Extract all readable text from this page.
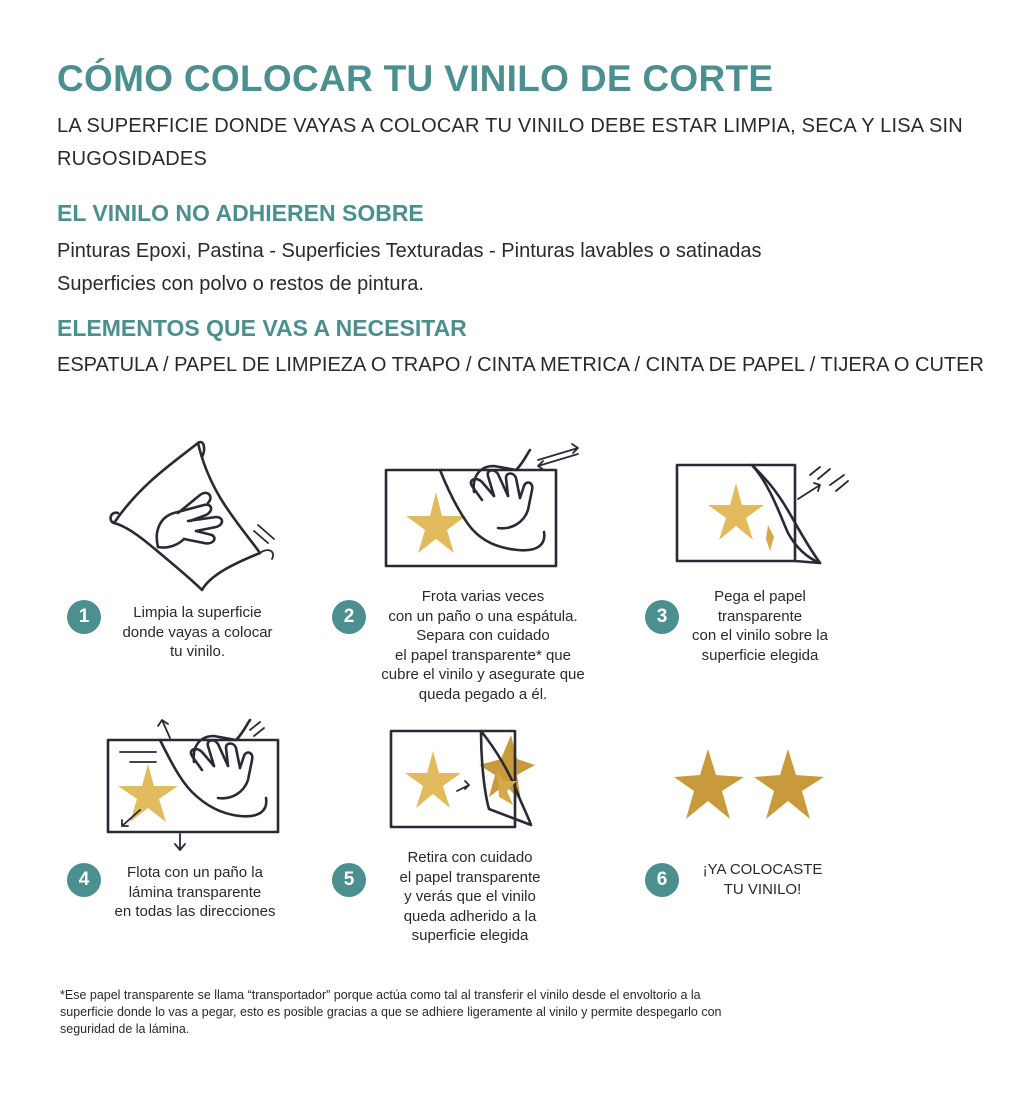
CÓMO COLOCAR TU VINILO DE CORTE
LA SUPERFICIE DONDE VAYAS A COLOCAR TU VINILO DEBE ESTAR LIMPIA, SECA Y LISA SIN RUGOSIDADES
EL VINILO NO ADHIEREN SOBRE
Pinturas Epoxi, Pastina - Superficies Texturadas - Pinturas lavables o satinadas
Superficies con polvo o restos de pintura.
ELEMENTOS QUE VAS A NECESITAR
ESPATULA / PAPEL DE LIMPIEZA O TRAPO / CINTA METRICA / CINTA DE PAPEL / TIJERA O CUTER
1	Limpia la superficie
donde vayas a colocar
tu vinilo.
2
Frota varias veces
con un paño o una espátula.
Separa con cuidado
el papel transparente* que
cubre el vinilo y asegurate que
queda pegado a él.
3
Pega el papel
transparente
con el vinilo sobre la
superficie elegida
4	Flota con un paño la
lámina transparente
en todas las direcciones
5
Retira con cuidado
el papel transparente
y verás que el vinilo
queda adherido a la
superficie elegida
6	¡YA COLOCASTE
TU VINILO!
*Ese papel transparente se llama “transportador” porque actúa como tal al transferir el vinilo desde el envoltorio a la
superficie donde lo vas a pegar, esto es posible gracias a que se adhiere ligeramente al vinilo y permite despegarlo con
seguridad de la lámina.
